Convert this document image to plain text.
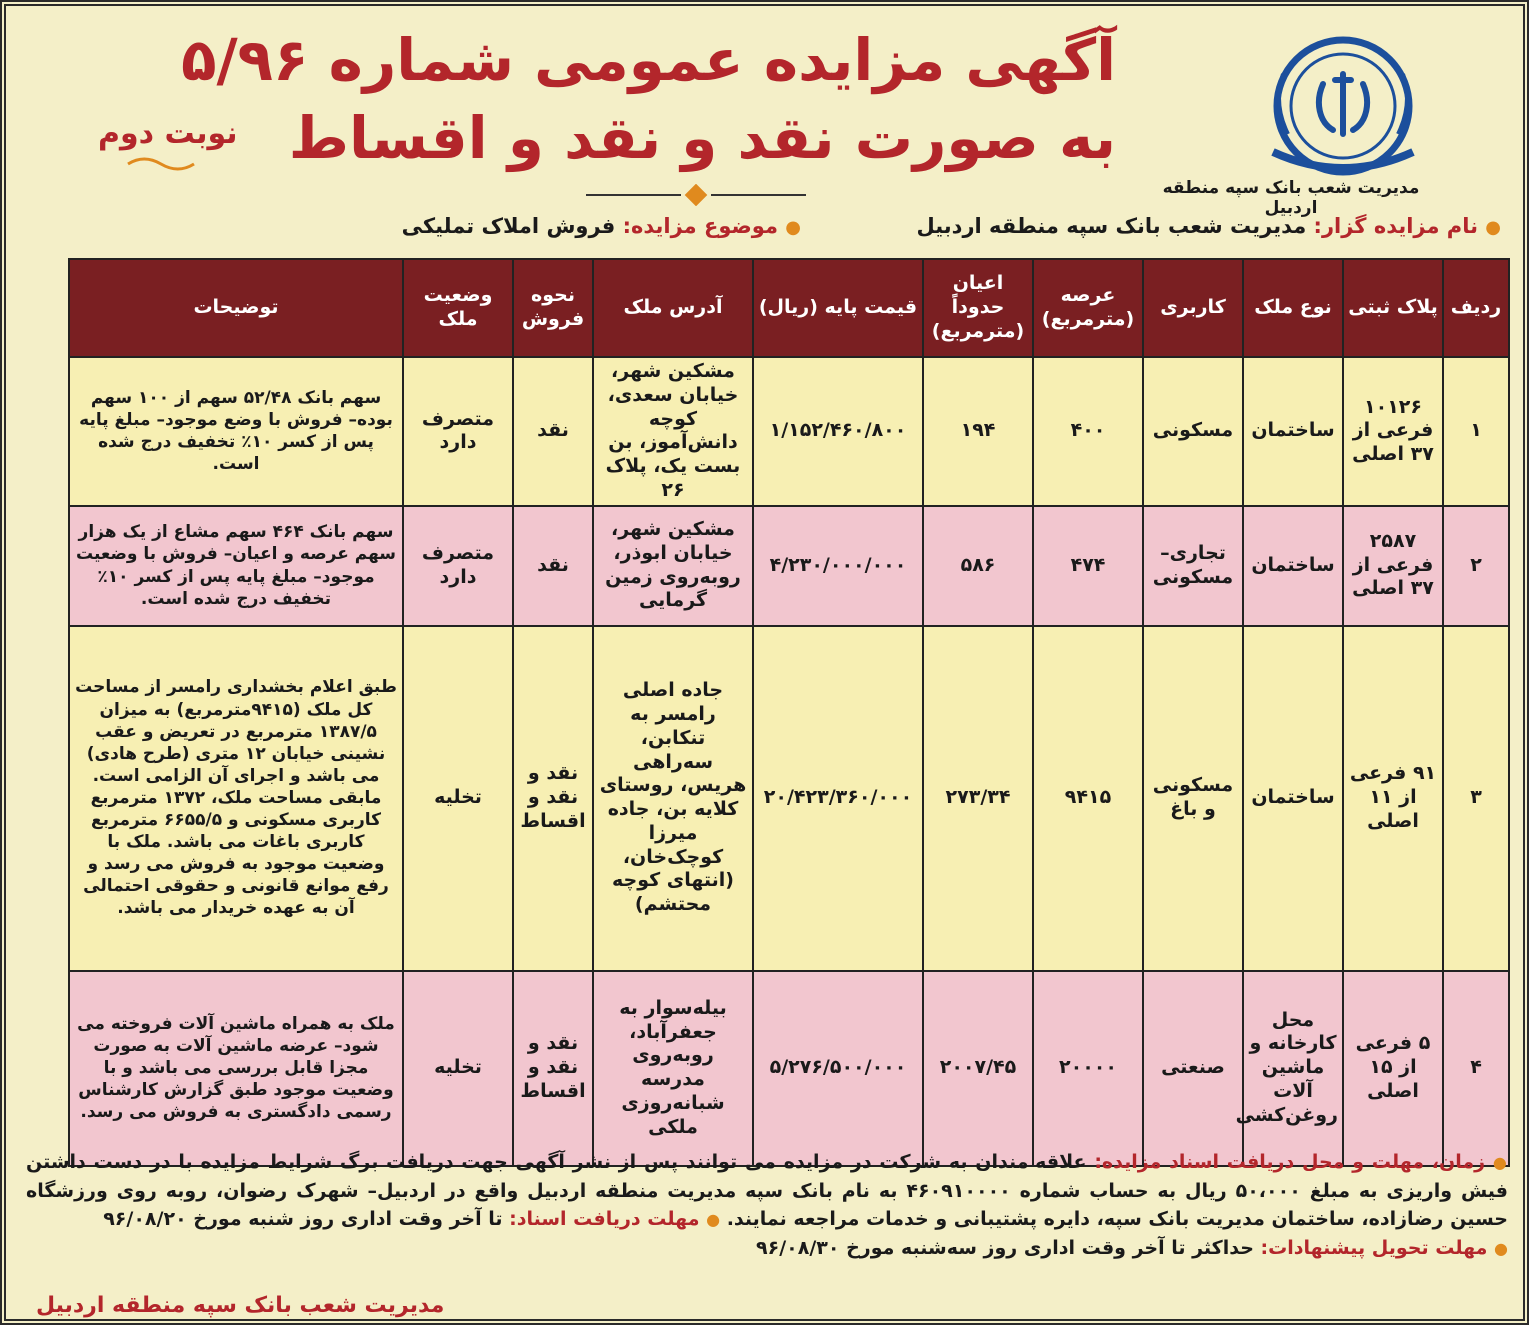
مدیریت شعب بانک سپه منطقه اردبیل
آگهی مزایده عمومی شماره ۵/۹۶
به صورت نقد و نقد و اقساط
نوبت دوم
● نام مزایده گزار: مدیریت شعب بانک سپه منطقه اردبیل
● موضوع مزایده: فروش املاک تملیکی
ردیف	پلاک ثبتی	نوع ملک	کاربری	عرصه (مترمربع)	اعیان حدوداً (مترمربع)	قیمت پایه (ریال)	آدرس ملک	نحوه فروش	وضعیت ملک	توضیحات
۱	۱۰۱۲۶ فرعی از ۳۷ اصلی	ساختمان	مسکونی	۴۰۰	۱۹۴	۱/۱۵۲/۴۶۰/۸۰۰	مشکین شهر، خیابان سعدی، کوچه دانش‌آموز، بن بست یک، پلاک ۲۶	نقد	متصرف دارد	سهم بانک ۵۲/۴۸ سهم از ۱۰۰ سهم بوده– فروش با وضع موجود– مبلغ پایه پس از کسر ۱۰٪ تخفیف درج شده است.
۲	۲۵۸۷ فرعی از ۳۷ اصلی	ساختمان	تجاری– مسکونی	۴۷۴	۵۸۶	۴/۲۳۰/۰۰۰/۰۰۰	مشکین شهر، خیابان ابوذر، روبه‌روی زمین گرمایی	نقد	متصرف دارد	سهم بانک ۴۶۴ سهم مشاع از یک هزار سهم عرصه و اعیان– فروش با وضعیت موجود– مبلغ پایه پس از کسر ۱۰٪ تخفیف درج شده است.
۳	۹۱ فرعی از ۱۱ اصلی	ساختمان	مسکونی و باغ	۹۴۱۵	۲۷۳/۳۴	۲۰/۴۲۳/۳۶۰/۰۰۰	جاده اصلی رامسر به تنکابن، سه‌راهی هریس، روستای کلایه بن، جاده میرزا کوچک‌خان، (انتهای کوچه محتشم)	نقد و نقد و اقساط	تخلیه	طبق اعلام بخشداری رامسر از مساحت کل ملک (۹۴۱۵مترمربع) به میزان ۱۳۸۷/۵ مترمربع در تعریض و عقب نشینی خیابان ۱۲ متری (طرح هادی) می باشد و اجرای آن الزامی است. مابقی مساحت ملک، ۱۳۷۲ مترمربع کاربری مسکونی و ۶۶۵۵/۵ مترمربع کاربری باغات می باشد. ملک با وضعیت موجود به فروش می رسد و رفع موانع قانونی و حقوقی احتمالی آن به عهده خریدار می باشد.
۴	۵ فرعی از ۱۵ اصلی	محل کارخانه و ماشین آلات روغن‌کشی	صنعتی	۲۰۰۰۰	۲۰۰۷/۴۵	۵/۲۷۶/۵۰۰/۰۰۰	بیله‌سوار به جعفرآباد، روبه‌روی مدرسه شبانه‌روزی ملکی	نقد و نقد و اقساط	تخلیه	ملک به همراه ماشین آلات فروخته می شود– عرضه ماشین آلات به صورت مجزا قابل بررسی می باشد و با وضعیت موجود طبق گزارش کارشناس رسمی دادگستری به فروش می رسد.

● زمان، مهلت و محل دریافت اسناد مزایده: علاقه مندان به شرکت در مزایده می توانند پس از نشر آگهی جهت دریافت برگ شرایط مزایده با در دست داشتن فیش واریزی به مبلغ ۵۰،۰۰۰ ریال به حساب شماره ۴۶۰۹۱۰۰۰۰ به نام بانک سپه مدیریت منطقه اردبیل واقع در اردبیل– شهرک رضوان، روبه روی ورزشگاه حسین رضازاده، ساختمان مدیریت بانک سپه، دایره پشتیبانی و خدمات مراجعه نمایند. ● مهلت دریافت اسناد: تا آخر وقت اداری روز شنبه مورخ ۹۶/۰۸/۲۰

● مهلت تحویل پیشنهادات: حداکثر تا آخر وقت اداری روز سه‌شنبه مورخ ۹۶/۰۸/۳۰

مدیریت شعب بانک سپه منطقه اردبیل
